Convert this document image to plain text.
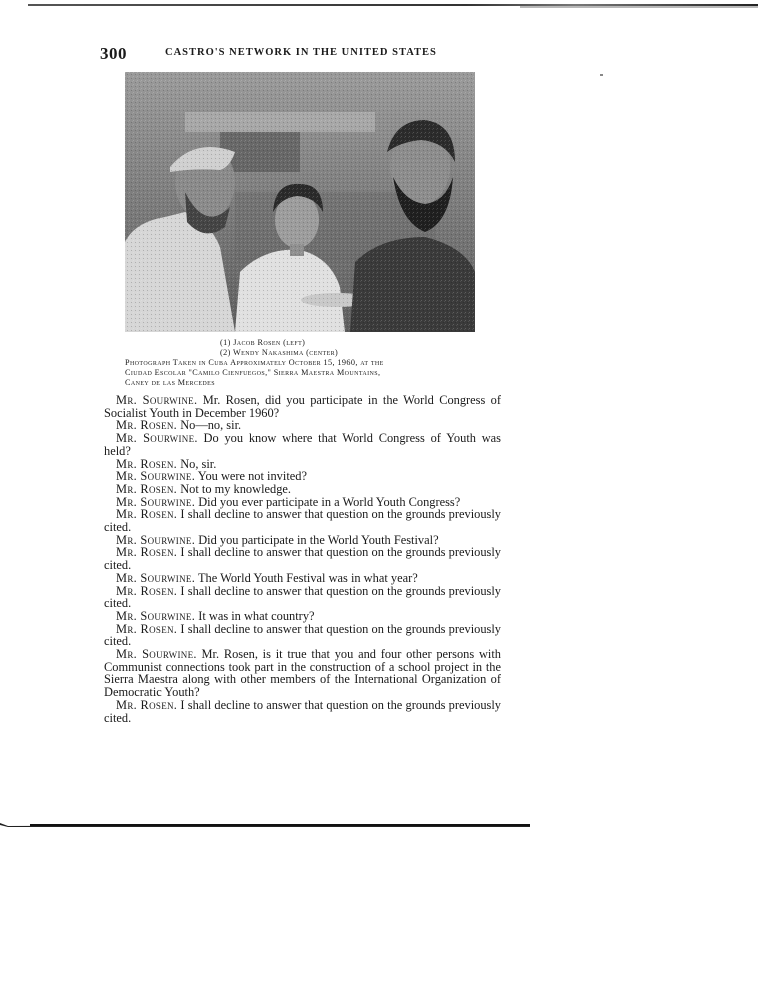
300	CASTRO'S NETWORK IN THE UNITED STATES
(1) Jacob Rosen (left)
(2) Wendy Nakashima (center)
Photograph Taken in Cuba Approximately October 15, 1960, at the
Ciudad Escolar "Camilo Cienfuegos," Sierra Maestra Mountains,
Caney de las Mercedes

Mr. Sourwine. Mr. Rosen, did you participate in the World Congress of Socialist Youth in December 1960?

Mr. Rosen. No—no, sir.

Mr. Sourwine. Do you know where that World Congress of Youth was held?

Mr. Rosen. No, sir.

Mr. Sourwine. You were not invited?

Mr. Rosen. Not to my knowledge.

Mr. Sourwine. Did you ever participate in a World Youth Congress?

Mr. Rosen. I shall decline to answer that question on the grounds previously cited.

Mr. Sourwine. Did you participate in the World Youth Festival?

Mr. Rosen. I shall decline to answer that question on the grounds previously cited.

Mr. Sourwine. The World Youth Festival was in what year?

Mr. Rosen. I shall decline to answer that question on the grounds previously cited.

Mr. Sourwine. It was in what country?

Mr. Rosen. I shall decline to answer that question on the grounds previously cited.

Mr. Sourwine. Mr. Rosen, is it true that you and four other persons with Communist connections took part in the construction of a school project in the Sierra Maestra along with other members of the International Organization of Democratic Youth?

Mr. Rosen. I shall decline to answer that question on the grounds previously cited.
